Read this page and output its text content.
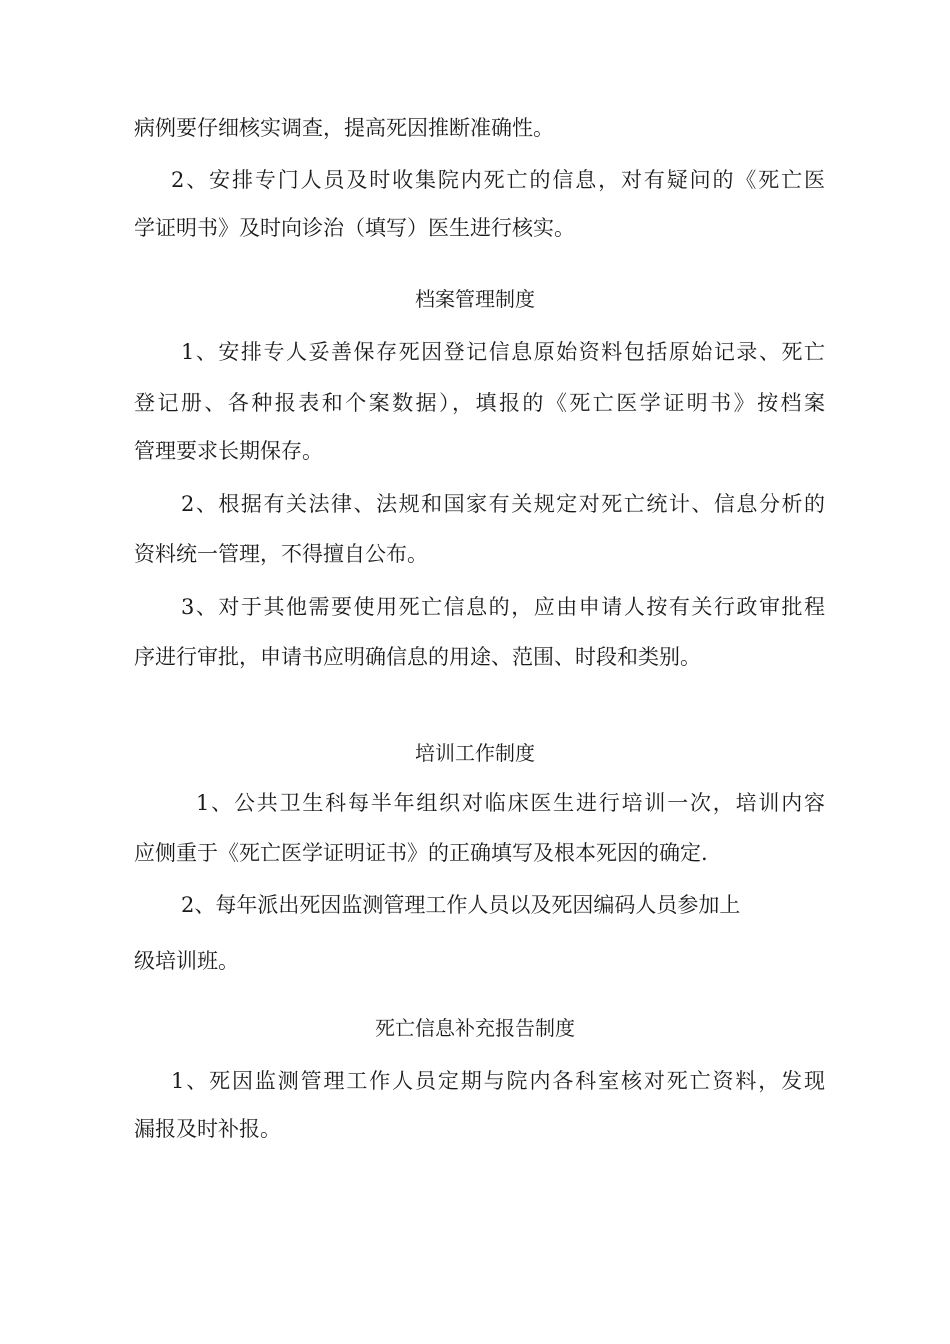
病例要仔细核实调查，提高死因推断准确性。
2、安排专门人员及时收集院内死亡的信息，对有疑问的《死亡医
学证明书》及时向诊治（填写）医生进行核实。
档案管理制度
1、安排专人妥善保存死因登记信息原始资料包括原始记录、死亡
登记册、各种报表和个案数据），填报的《死亡医学证明书》按档案
管理要求长期保存。
2、根据有关法律、法规和国家有关规定对死亡统计、信息分析的
资料统一管理，不得擅自公布。
3、对于其他需要使用死亡信息的，应由申请人按有关行政审批程
序进行审批，申请书应明确信息的用途、范围、时段和类别。
培训工作制度
1、公共卫生科每半年组织对临床医生进行培训一次，培训内容
应侧重于《死亡医学证明证书》的正确填写及根本死因的确定.
2、每年派出死因监测管理工作人员以及死因编码人员参加上
级培训班。
死亡信息补充报告制度
1、死因监测管理工作人员定期与院内各科室核对死亡资料，发现
漏报及时补报。
